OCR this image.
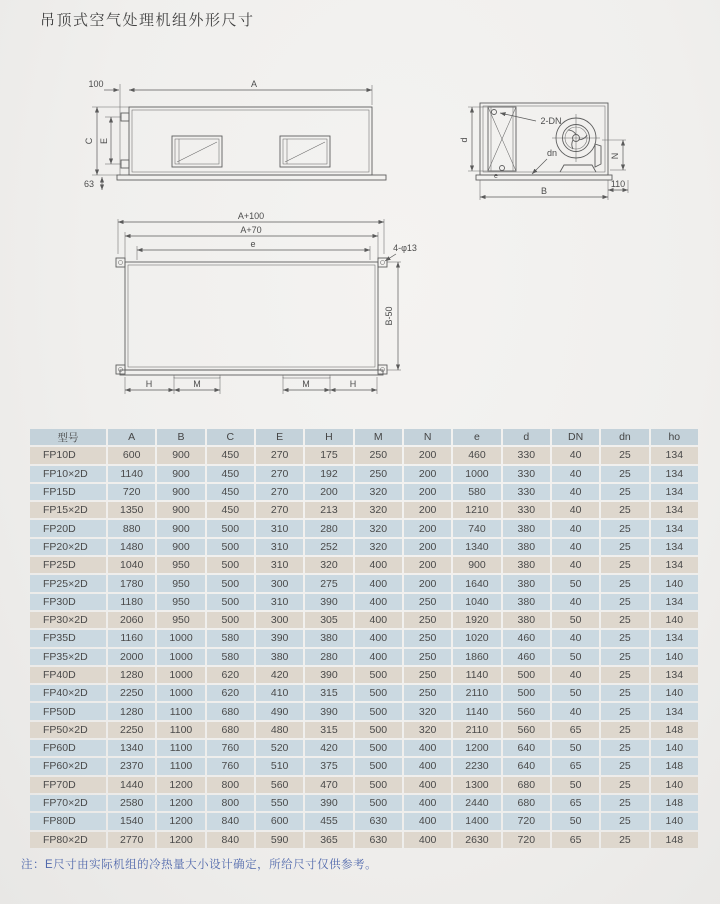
吊顶式空气处理机组外形尺寸
A
100
C E
63
2-DN
e
dn
d
N
B
110
A+100
A+70
e	4-φ13
B-50
H	M	M	H
型号	A	B	C	E	H	M	N	e	d	DN	dn	ho
FP10D	600	900	450	270	175	250	200	460	330	40	25	134
FP10×2D	1140	900	450	270	192	250	200	1000	330	40	25	134
FP15D	720	900	450	270	200	320	200	580	330	40	25	134
FP15×2D	1350	900	450	270	213	320	200	1210	330	40	25	134
FP20D	880	900	500	310	280	320	200	740	380	40	25	134
FP20×2D	1480	900	500	310	252	320	200	1340	380	40	25	134
FP25D	1040	950	500	310	320	400	200	900	380	40	25	134
FP25×2D	1780	950	500	300	275	400	200	1640	380	50	25	140
FP30D	1180	950	500	310	390	400	250	1040	380	40	25	134
FP30×2D	2060	950	500	300	305	400	250	1920	380	50	25	140
FP35D	1160	1000	580	390	380	400	250	1020	460	40	25	134
FP35×2D	2000	1000	580	380	280	400	250	1860	460	50	25	140
FP40D	1280	1000	620	420	390	500	250	1140	500	40	25	134
FP40×2D	2250	1000	620	410	315	500	250	2110	500	50	25	140
FP50D	1280	1100	680	490	390	500	320	1140	560	40	25	134
FP50×2D	2250	1100	680	480	315	500	320	2110	560	65	25	148
FP60D	1340	1100	760	520	420	500	400	1200	640	50	25	140
FP60×2D	2370	1100	760	510	375	500	400	2230	640	65	25	148
FP70D	1440	1200	800	560	470	500	400	1300	680	50	25	140
FP70×2D	2580	1200	800	550	390	500	400	2440	680	65	25	148
FP80D	1540	1200	840	600	455	630	400	1400	720	50	25	140
FP80×2D	2770	1200	840	590	365	630	400	2630	720	65	25	148
注：E尺寸由实际机组的冷热量大小设计确定，所给尺寸仅供参考。
